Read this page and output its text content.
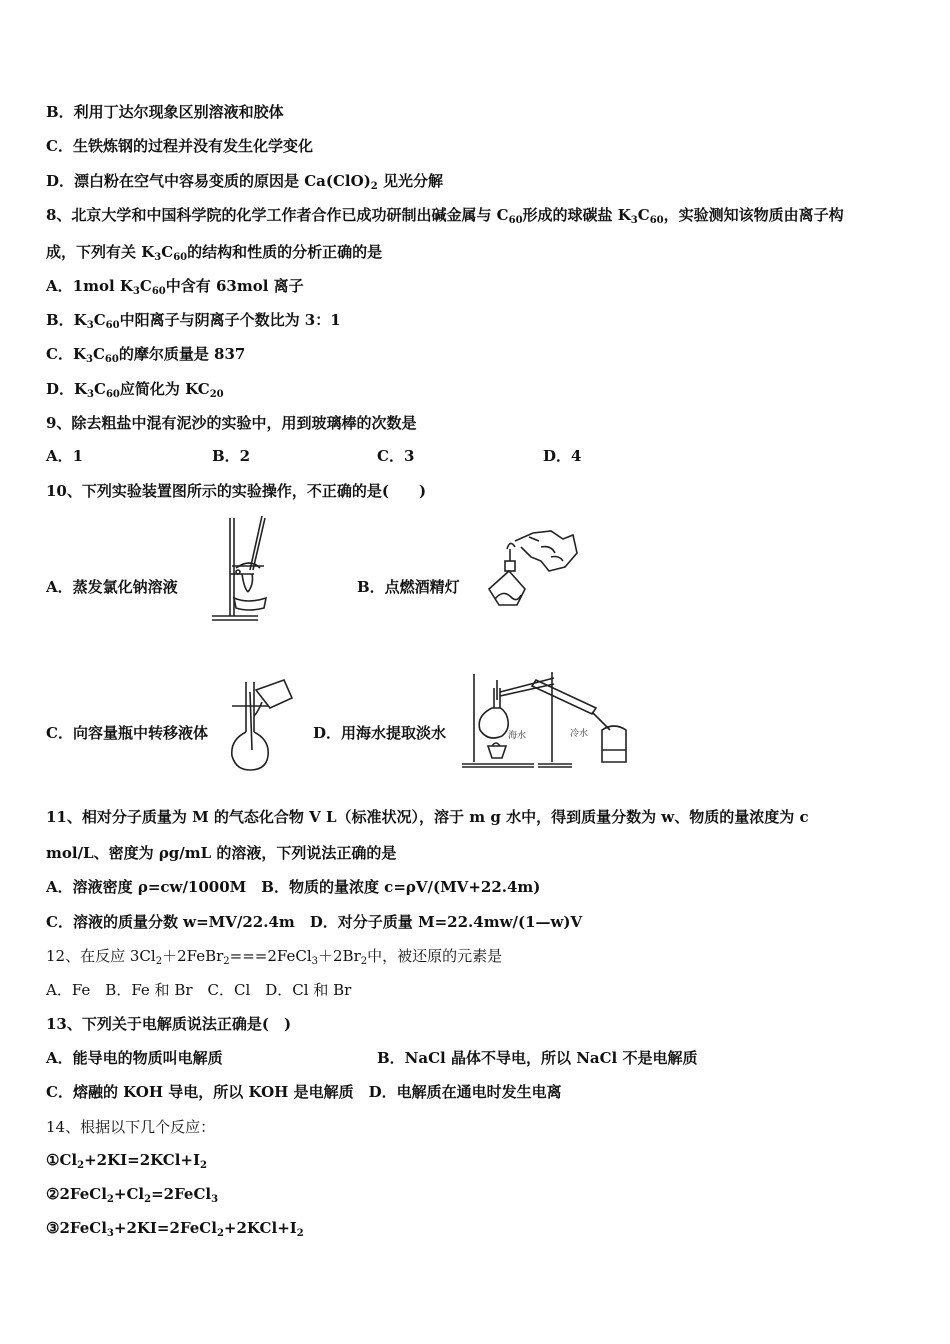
B．利用丁达尔现象区别溶液和胶体
C．生铁炼钢的过程并没有发生化学变化
D．漂白粉在空气中容易变质的原因是 $Ca(ClO)_2$ 见光分解
8、北京大学和中国科学院的化学工作者合作已成功研制出碱金属与 $C_{60}$形成的球碳盐 $K_3C_{60}$，实验测知该物质由离子构
成，下列有关 $K_3C_{60}$的结构和性质的分析正确的是
A．1mol $K_3C_{60}$中含有 63mol 离子
B．$K_3C_{60}$中阳离子与阴离子个数比为 3：1
C．$K_3C_{60}$的摩尔质量是 837
D．$K_3C_{60}$应简化为 $KC_{20}$
9、除去粗盐中混有泥沙的实验中，用到玻璃棒的次数是
A．1	B．2	C．3	D．4
10、下列实验装置图所示的实验操作，不正确的是(　　)
A．蒸发氯化钠溶液	B．点燃酒精灯
C．向容量瓶中转移液体	D．用海水提取淡水	海水	冷水
11、相对分子质量为 M 的气态化合物 V L（标准状况），溶于 m g 水中，得到质量分数为 w、物质的量浓度为 c
mol/L、密度为 ρg/mL 的溶液，下列说法正确的是
A．溶液密度 ρ=cw/1000M　B．物质的量浓度 c=ρV/(MV+22.4m)
C．溶液的质量分数 w=MV/22.4m　D．对分子质量 M=22.4mw/(1—w)V
12、在反应 $3Cl_2+2FeBr_2===2FeCl_3+2Br_2$中，被还原的元素是
A．Fe　B．Fe 和 Br　C．Cl　D．Cl 和 Br
13、下列关于电解质说法正确是(　)
A．能导电的物质叫电解质	B．NaCl 晶体不导电，所以 NaCl 不是电解质
C．熔融的 KOH 导电，所以 KOH 是电解质　 D．电解质在通电时发生电离
14、根据以下几个反应：
$①Cl_2+2KI=2KCl+I_2$
$②2FeCl_2+Cl_2=2FeCl_3$
$③2FeCl_3+2KI=2FeCl_2+2KCl+I_2$
